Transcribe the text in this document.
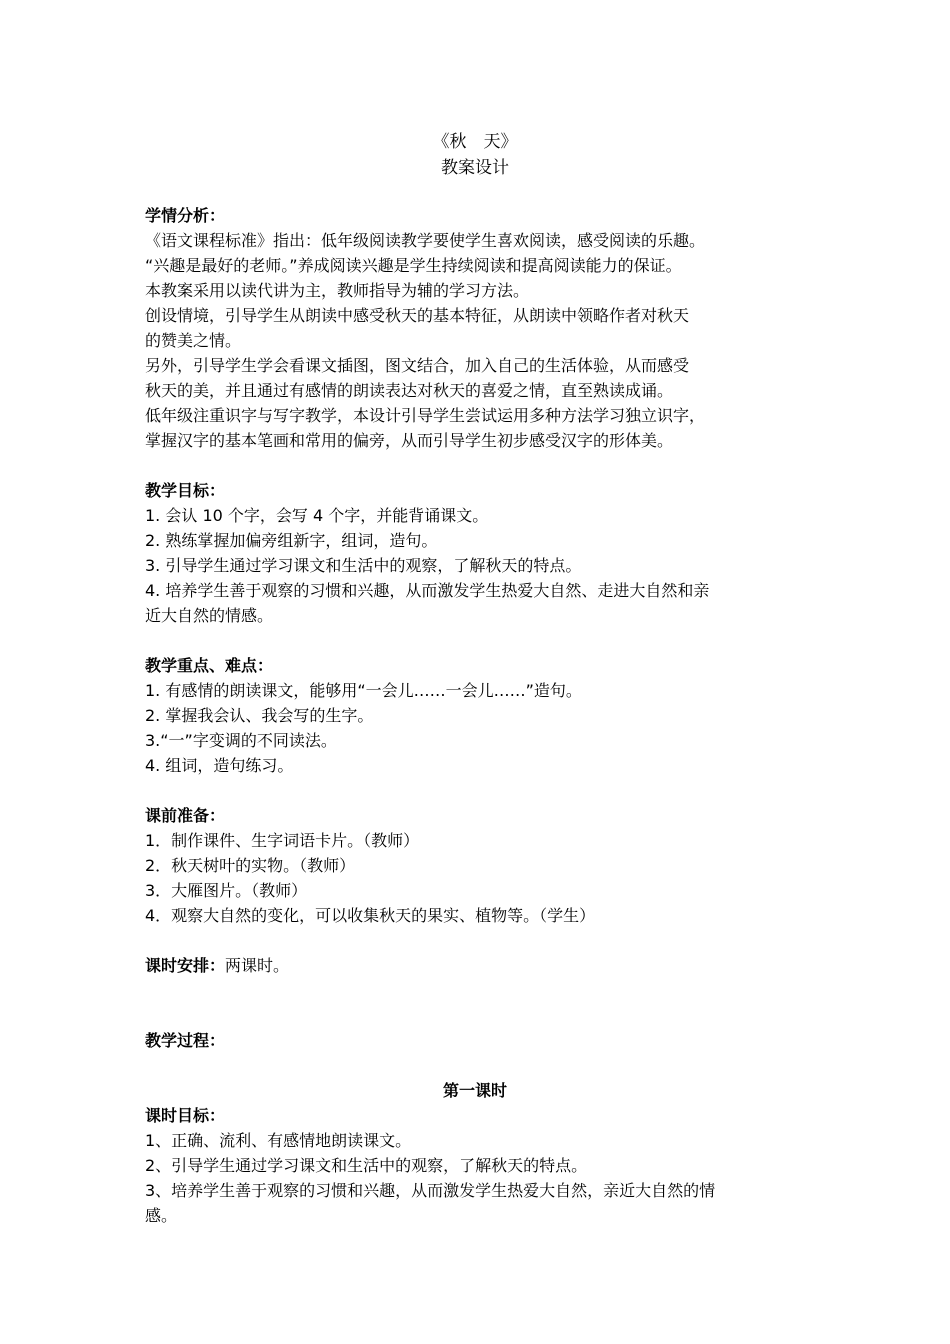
《秋　天》
教案设计
学情分析：
《语文课程标准》指出：低年级阅读教学要使学生喜欢阅读，感受阅读的乐趣。
“兴趣是最好的老师。”养成阅读兴趣是学生持续阅读和提高阅读能力的保证。
本教案采用以读代讲为主，教师指导为辅的学习方法。
创设情境，引导学生从朗读中感受秋天的基本特征，从朗读中领略作者对秋天
的赞美之情。
另外，引导学生学会看课文插图，图文结合，加入自己的生活体验，从而感受
秋天的美，并且通过有感情的朗读表达对秋天的喜爱之情，直至熟读成诵。
低年级注重识字与写字教学，本设计引导学生尝试运用多种方法学习独立识字，
掌握汉字的基本笔画和常用的偏旁，从而引导学生初步感受汉字的形体美。
教学目标：
1. 会认 10 个字，会写 4 个字，并能背诵课文。
2. 熟练掌握加偏旁组新字，组词，造句。
3. 引导学生通过学习课文和生活中的观察，了解秋天的特点。
4. 培养学生善于观察的习惯和兴趣，从而激发学生热爱大自然、走进大自然和亲
近大自然的情感。
教学重点、难点：
1. 有感情的朗读课文，能够用“一会儿……一会儿……”造句。
2. 掌握我会认、我会写的生字。
3.“一”字变调的不同读法。
4. 组词，造句练习。
课前准备：
1．制作课件、生字词语卡片。（教师）
2．秋天树叶的实物。（教师）
3．大雁图片。（教师）
4．观察大自然的变化，可以收集秋天的果实、植物等。（学生）
课时安排：两课时。
教学过程：
第一课时
课时目标：
1、正确、流利、有感情地朗读课文。
2、引导学生通过学习课文和生活中的观察，了解秋天的特点。
3、培养学生善于观察的习惯和兴趣，从而激发学生热爱大自然，亲近大自然的情
感。
